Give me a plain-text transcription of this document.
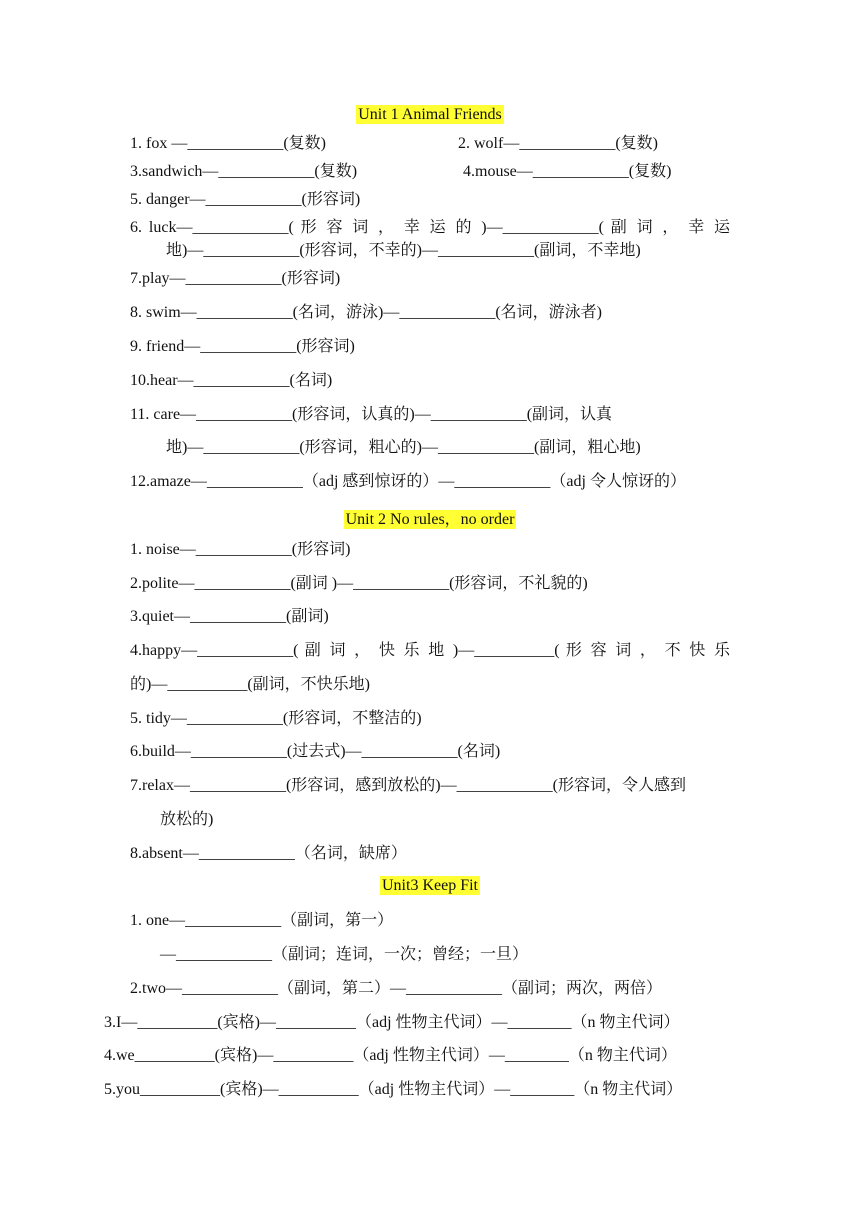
Unit 1 Animal Friends
1. fox —____________(复数)	2. wolf—____________(复数)
3.sandwich—____________(复数)	4.mouse—____________(复数)
5. danger—____________(形容词)
6. luck—____________( 形 容 词 ， 幸 运 的 )—____________( 副 词 ， 幸 运
地)—____________(形容词，不幸的)—____________(副词，不幸地)
7.play—____________(形容词)
8. swim—____________(名词，游泳)—____________(名词，游泳者)
9. friend—____________(形容词)
10.hear—____________(名词)
11. care—____________(形容词，认真的)—____________(副词，认真
地)—____________(形容词，粗心的)—____________(副词，粗心地)
12.amaze—____________（adj 感到惊讶的）—____________（adj 令人惊讶的）
Unit 2 No rules，no order
1. noise—____________(形容词)
2.polite—____________(副词 )—____________(形容词，不礼貌的)
3.quiet—____________(副词)
4.happy—____________( 副 词 ， 快 乐 地 )—__________( 形 容 词 ， 不 快 乐
的)—__________(副词，不快乐地)
5. tidy—____________(形容词，不整洁的)
6.build—____________(过去式)—____________(名词)
7.relax—____________(形容词，感到放松的)—____________(形容词，令人感到
放松的)
8.absent—____________（名词，缺席）
Unit3 Keep Fit
1. one—____________（副词，第一）
—____________（副词；连词，一次；曾经；一旦）
2.two—____________（副词，第二）—____________（副词；两次，两倍）
3.I—__________(宾格)—__________（adj 性物主代词）—________（n 物主代词）
4.we__________(宾格)—__________（adj 性物主代词）—________（n 物主代词）
5.you__________(宾格)—__________（adj 性物主代词）—________（n 物主代词）
